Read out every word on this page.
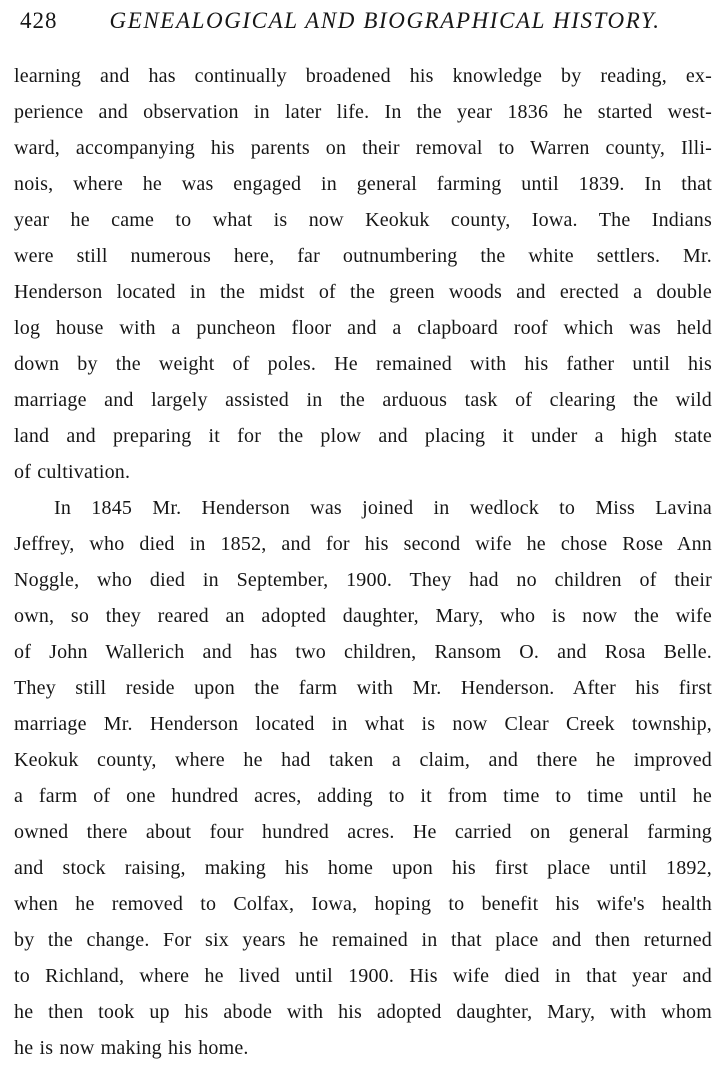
428 GENEALOGICAL AND BIOGRAPHICAL HISTORY.
learning and has continually broadened his knowledge by reading, ex-
perience and observation in later life. In the year 1836 he started west-
ward, accompanying his parents on their removal to Warren county, Illi-
nois, where he was engaged in general farming until 1839. In that
year he came to what is now Keokuk county, Iowa. The Indians
were still numerous here, far outnumbering the white settlers. Mr.
Henderson located in the midst of the green woods and erected a double
log house with a puncheon floor and a clapboard roof which was held
down by the weight of poles. He remained with his father until his
marriage and largely assisted in the arduous task of clearing the wild
land and preparing it for the plow and placing it under a high state
of cultivation.
In 1845 Mr. Henderson was joined in wedlock to Miss Lavina
Jeffrey, who died in 1852, and for his second wife he chose Rose Ann
Noggle, who died in September, 1900. They had no children of their
own, so they reared an adopted daughter, Mary, who is now the wife
of John Wallerich and has two children, Ransom O. and Rosa Belle.
They still reside upon the farm with Mr. Henderson. After his first
marriage Mr. Henderson located in what is now Clear Creek township,
Keokuk county, where he had taken a claim, and there he improved
a farm of one hundred acres, adding to it from time to time until he
owned there about four hundred acres. He carried on general farming
and stock raising, making his home upon his first place until 1892,
when he removed to Colfax, Iowa, hoping to benefit his wife's health
by the change. For six years he remained in that place and then returned
to Richland, where he lived until 1900. His wife died in that year and
he then took up his abode with his adopted daughter, Mary, with whom
he is now making his home.
